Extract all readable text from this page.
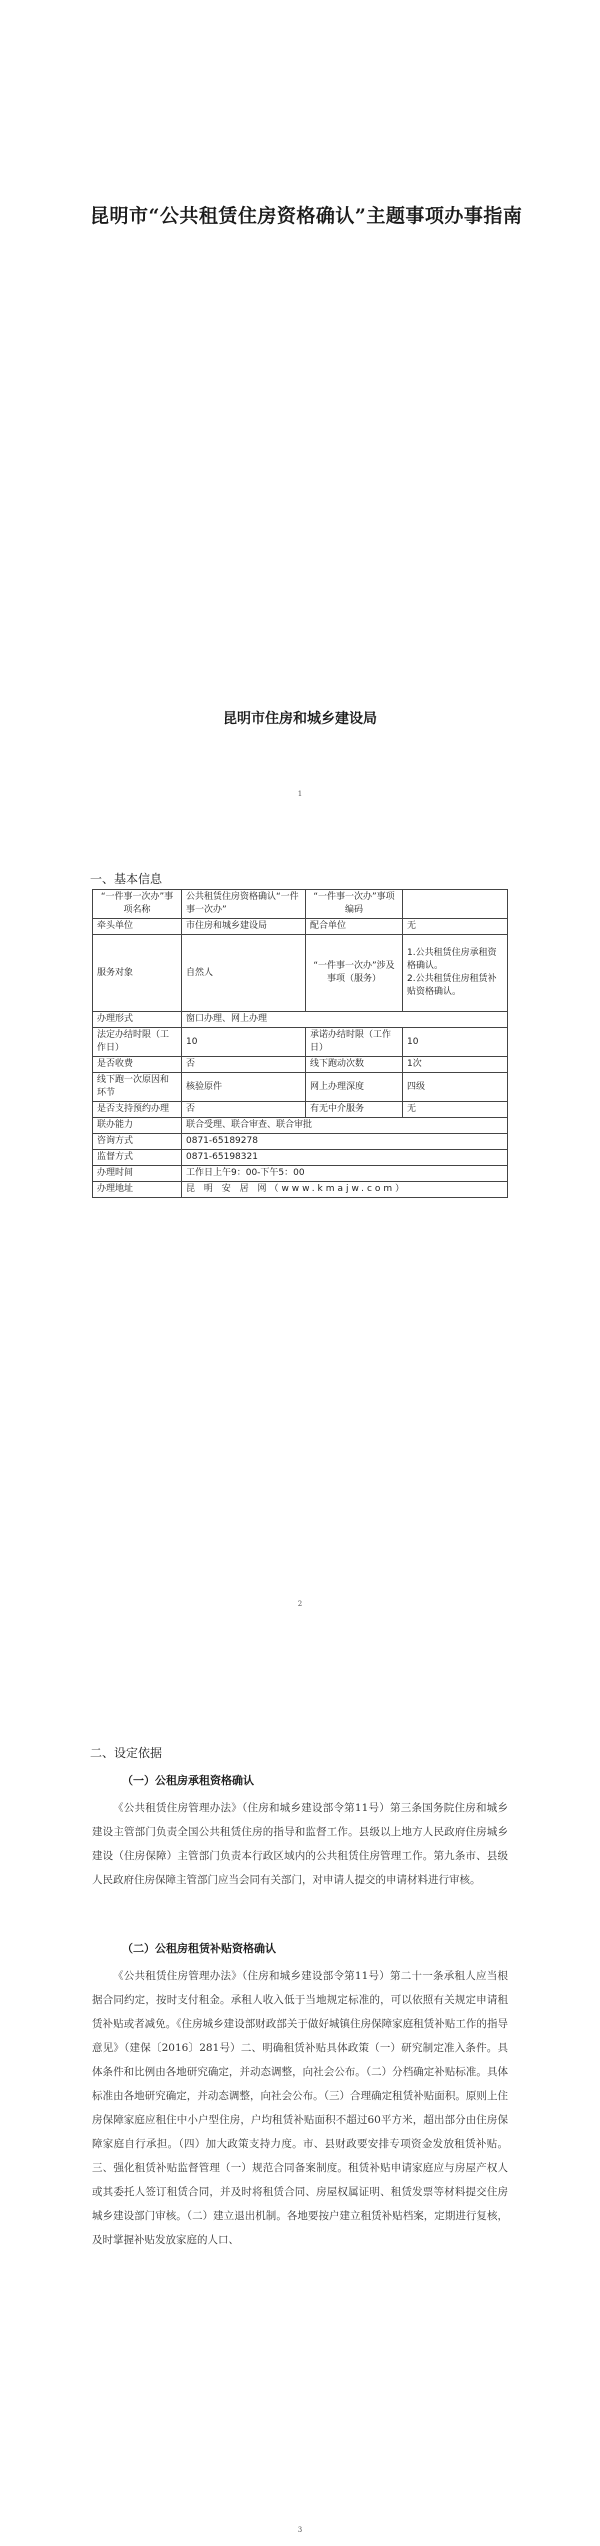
昆明市“公共租赁住房资格确认”主题事项办事指南
昆明市住房和城乡建设局
1
一、基本信息
“一件事一次办”事项名称	公共租赁住房资格确认“一件事一次办”	“一件事一次办”事项编码	
牵头单位	市住房和城乡建设局	配合单位	无
服务对象	自然人	“一件事一次办”涉及事项（服务）	1.公共租赁住房承租资格确认。
2.公共租赁住房租赁补贴资格确认。
办理形式	窗口办理、网上办理		
法定办结时限（工作日）	10	承诺办结时限（工作日）	10
是否收费	否	线下跑动次数	1次
线下跑一次原因和环节	核验原件	网上办理深度	四级
是否支持预约办理	否	有无中介服务	无
联办能力	联合受理、联合审查、联合审批		
咨询方式	0871-65189278		
监督方式	0871-65198321		
办理时间	工作日上午9：00-下午5：00		
办理地址	昆 明 安 居 网（www.kmajw.com）		
2
二、设定依据
（一）公租房承租资格确认
《公共租赁住房管理办法》（住房和城乡建设部令第11号）第三条国务院住房和城乡建设主管部门负责全国公共租赁住房的指导和监督工作。县级以上地方人民政府住房城乡建设（住房保障）主管部门负责本行政区域内的公共租赁住房管理工作。第九条市、县级人民政府住房保障主管部门应当会同有关部门，对申请人提交的申请材料进行审核。
（二）公租房租赁补贴资格确认
《公共租赁住房管理办法》（住房和城乡建设部令第11号）第二十一条承租人应当根据合同约定，按时支付租金。承租人收入低于当地规定标准的，可以依照有关规定申请租赁补贴或者减免。《住房城乡建设部财政部关于做好城镇住房保障家庭租赁补贴工作的指导意见》（建保〔2016〕281号）二、明确租赁补贴具体政策（一）研究制定准入条件。具体条件和比例由各地研究确定，并动态调整，向社会公布。（二）分档确定补贴标准。具体标准由各地研究确定，并动态调整，向社会公布。（三）合理确定租赁补贴面积。原则上住房保障家庭应租住中小户型住房，户均租赁补贴面积不超过60平方米，超出部分由住房保障家庭自行承担。（四）加大政策支持力度。市、县财政要安排专项资金发放租赁补贴。三、强化租赁补贴监督管理（一）规范合同备案制度。租赁补贴申请家庭应与房屋产权人或其委托人签订租赁合同，并及时将租赁合同、房屋权属证明、租赁发票等材料提交住房城乡建设部门审核。（二）建立退出机制。各地要按户建立租赁补贴档案，定期进行复核，及时掌握补贴发放家庭的人口、
3
